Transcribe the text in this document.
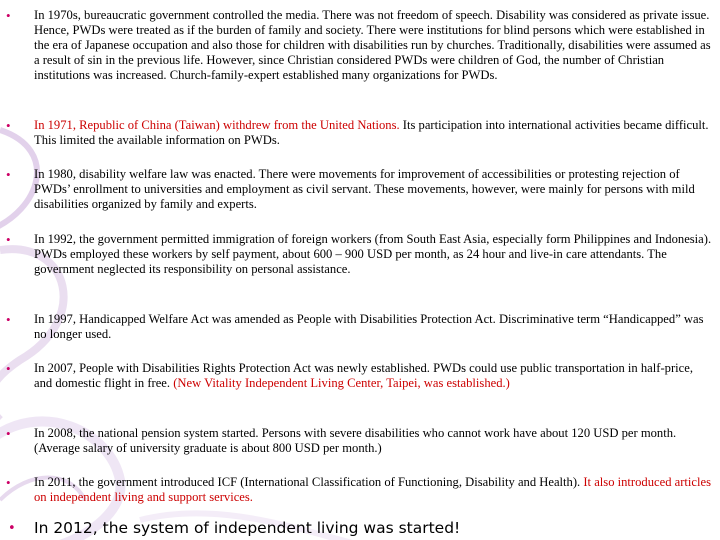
•	In 1970s, bureaucratic government controlled the media. There was not freedom of speech. Disability was considered as private issue. Hence, PWDs were treated as if the burden of family and society. There were institutions for blind persons which were established in the era of Japanese occupation and also those for children with disabilities run by churches. Traditionally, disabilities were assumed as a result of sin in the previous life. However, since Christian considered PWDs were children of God, the number of Christian institutions was increased. Church-family-expert established many organizations for PWDs.
•	In 1971, Republic of China (Taiwan) withdrew from the United Nations. Its participation into international activities became difficult. This limited the available information on PWDs.
•	In 1980, disability welfare law was enacted. There were movements for improvement of accessibilities or protesting rejection of PWDs’ enrollment to universities and employment as civil servant. These movements, however, were mainly for persons with mild disabilities organized by family and experts.
•	In 1992, the government permitted immigration of foreign workers (from South East Asia, especially form Philippines and Indonesia). PWDs employed these workers by self payment, about 600 – 900 USD per month, as 24 hour and live-in care attendants. The government neglected its responsibility on personal assistance.
•	In 1997, Handicapped Welfare Act was amended as People with Disabilities Protection Act. Discriminative term “Handicapped” was no longer used.
•	In 2007, People with Disabilities Rights Protection Act was newly established. PWDs could use public transportation in half-price, and domestic flight in free. (New Vitality Independent Living Center, Taipei, was established.)
•	In 2008, the national pension system started. Persons with severe disabilities who cannot work have about 120 USD per month. (Average salary of university graduate is about 800 USD per month.)
•	In 2011, the government introduced ICF (International Classification of Functioning, Disability and Health). It also introduced articles on independent living and support services.
•	In 2012, the system of independent living was started!
